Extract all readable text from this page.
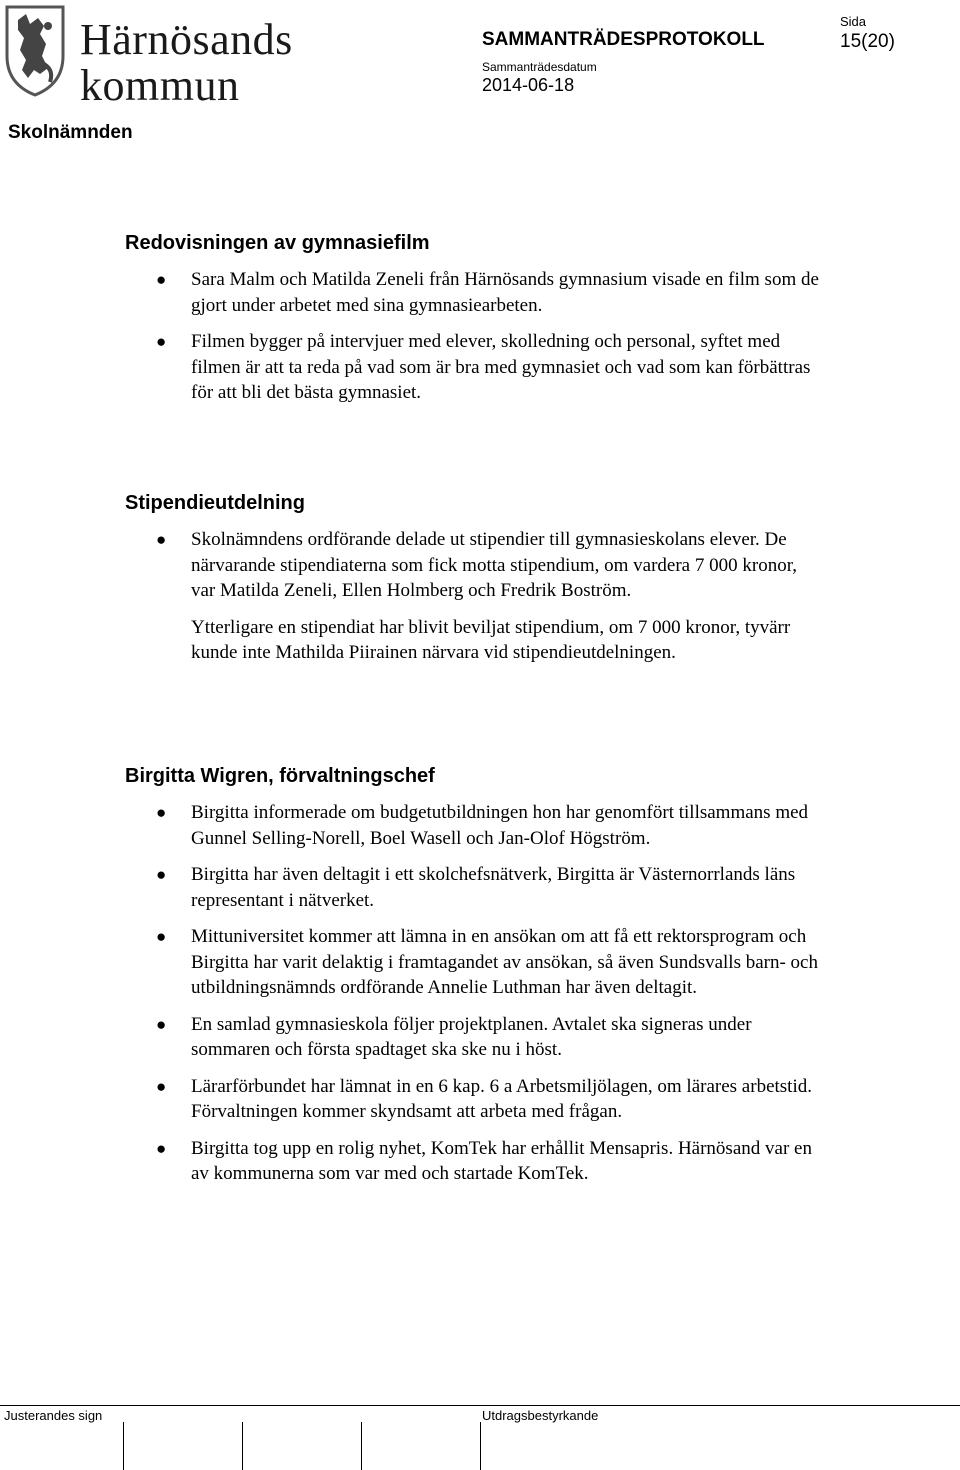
Härnösands
kommun
SAMMANTRÄDESPROTOKOLL
Sammanträdesdatum
2014-06-18
Sida
15(20)
Skolnämnden
Redovisningen av gymnasiefilm
● Sara Malm och Matilda Zeneli från Härnösands gymnasium visade en film som de gjort under arbetet med sina gymnasiearbeten.
● Filmen bygger på intervjuer med elever, skolledning och personal, syftet med filmen är att ta reda på vad som är bra med gymnasiet och vad som kan förbättras för att bli det bästa gymnasiet.
Stipendieutdelning
● Skolnämndens ordförande delade ut stipendier till gymnasieskolans elever. De närvarande stipendiaterna som fick motta stipendium, om vardera 7 000 kronor, var Matilda Zeneli, Ellen Holmberg och Fredrik Boström.

Ytterligare en stipendiat har blivit beviljat stipendium, om 7 000 kronor, tyvärr kunde inte Mathilda Piirainen närvara vid stipendieutdelningen.

Birgitta Wigren, förvaltningschef
● Birgitta informerade om budgetutbildningen hon har genomfört tillsammans med Gunnel Selling-Norell, Boel Wasell och Jan-Olof Högström.
● Birgitta har även deltagit i ett skolchefsnätverk, Birgitta är Västernorrlands läns representant i nätverket.
● Mittuniversitet kommer att lämna in en ansökan om att få ett rektorsprogram och Birgitta har varit delaktig i framtagandet av ansökan, så även Sundsvalls barn- och utbildningsnämnds ordförande Annelie Luthman har även deltagit.
● En samlad gymnasieskola följer projektplanen. Avtalet ska signeras under sommaren och första spadtaget ska ske nu i höst.
● Lärarförbundet har lämnat in en 6 kap. 6 a Arbetsmiljölagen, om lärares arbetstid. Förvaltningen kommer skyndsamt att arbeta med frågan.
● Birgitta tog upp en rolig nyhet, KomTek har erhållit Mensapris. Härnösand var en av kommunerna som var med och startade KomTek.
Justerandes sign	Utdragsbestyrkande
